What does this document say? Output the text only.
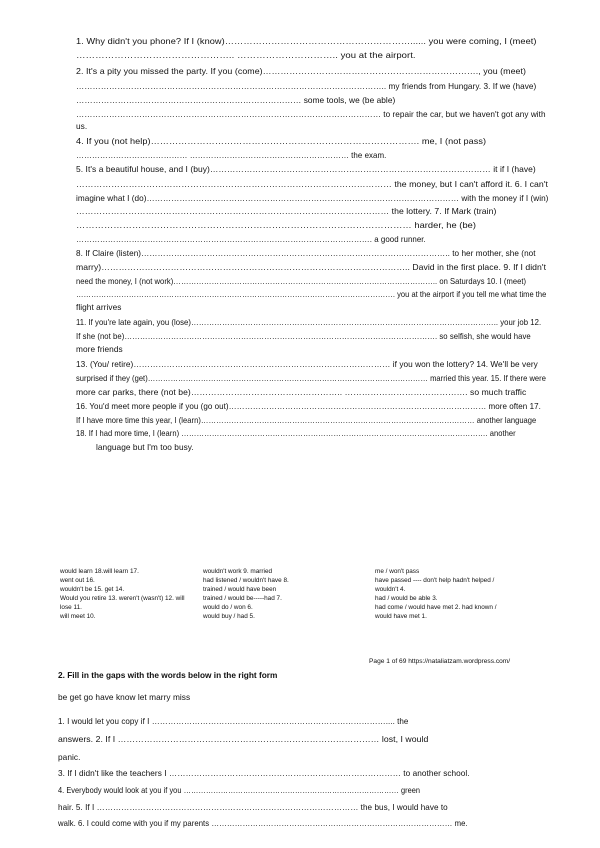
1. Why didn't you phone? If I (know)……………………………………………………...... you were coming, I (meet)
………………………………………….. ………………………….. you at the airport.
2. It's a pity you missed the party. If you (come)………………………………………………………………., you (meet)
………………………………………………………………………………………………….. my friends from Hungary. 3. If we (have)
……………………………………………………………………… some tools, we (be able)
………………………………………………………………………………………………… to repair the car, but we haven't got any with
us.
4. If you (not help)……………………………………………………………………………. me, I (not pass)
…………………………………… …………………………………………………… the exam.
5. It's a beautiful house, and I (buy)……………………………………………………………………………………… it if I (have)
……………………………………………………………………………………………… the money, but I can't afford it. 6. I can't
imagine what I (do)…………………………………………………………………………………………………… with the money if I (win)
……………………………………………………………………………………………… the lottery. 7. If Mark (train)
……………………………………………………………………………………………… harder, he (be)
…………………………………………………………………………………………………. a good runner.
8. If Claire (listen)………………………………………………………………………………………………….. to her mother, she (not
marry)…………………………………………………………………………………………….. David in the first place. 9. If I didn't
need the money, I (not work)………………………………………………………………………………………….. on Saturdays 10. I (meet)
………………………………………………………………………………………………………………. you at the airport if you tell me what time the
flight arrives
11. If you're late again, you (lose)……………………………………………………………………………………………………….. your job 12.
If she (not be)…………………………………………………………………………………………………………. so selfish, she would have
more friends
13. (You/ retire)………………………………………………………………………………… if you won the lottery? 14. We'll be very
surprised if they (get)………………………………………………………………………………………………… married this year. 15. If there were
more car parks, there (not be)…………………………………………….. ……………………………………. so much traffic
16. You'd meet more people if you (go out)…………………………………………………………………………………… more often 17.
If I have more time this year, I (learn)……………………………………………………………………………………………… another language
18. If I had more time, I (learn) …………………………………………………………………………………………………………. another
language but I'm too busy.
would learn 18.will learn 17.
went out 16.
wouldn't be 15. get 14.
Would you retire 13. weren't (wasn't) 12. will
lose 11.
will meet 10.
wouldn't work 9. married
had listened / wouldn't have 8.
trained / would have been
trained / would be-----had 7.
would do / won 6.
would buy / had 5.
me / won't pass
have passed ---- don't help hadn't helped /
wouldn't 4.
had / would be able 3.
had come / would have met 2. had known /
would have met 1.
Page 1 of 69 https://nataliatzam.wordpress.com/
2. Fill in the gaps with the words below in the right form
be get go have know let marry miss
1. I would let you copy if I …………………………………………………………………………….... the
answers. 2. If I ……………………………………………………………………………… lost, I would
panic.
3. If I didn't like the teachers I ………………………………………………………………………… to another school.
4. Everybody would look at you if you …………………………………………………………………………… green
hair. 5. If I …………………………………………………………………………………… the bus, I would have to
walk. 6. I could come with you if my parents ………………………………………………………………………………… me.
